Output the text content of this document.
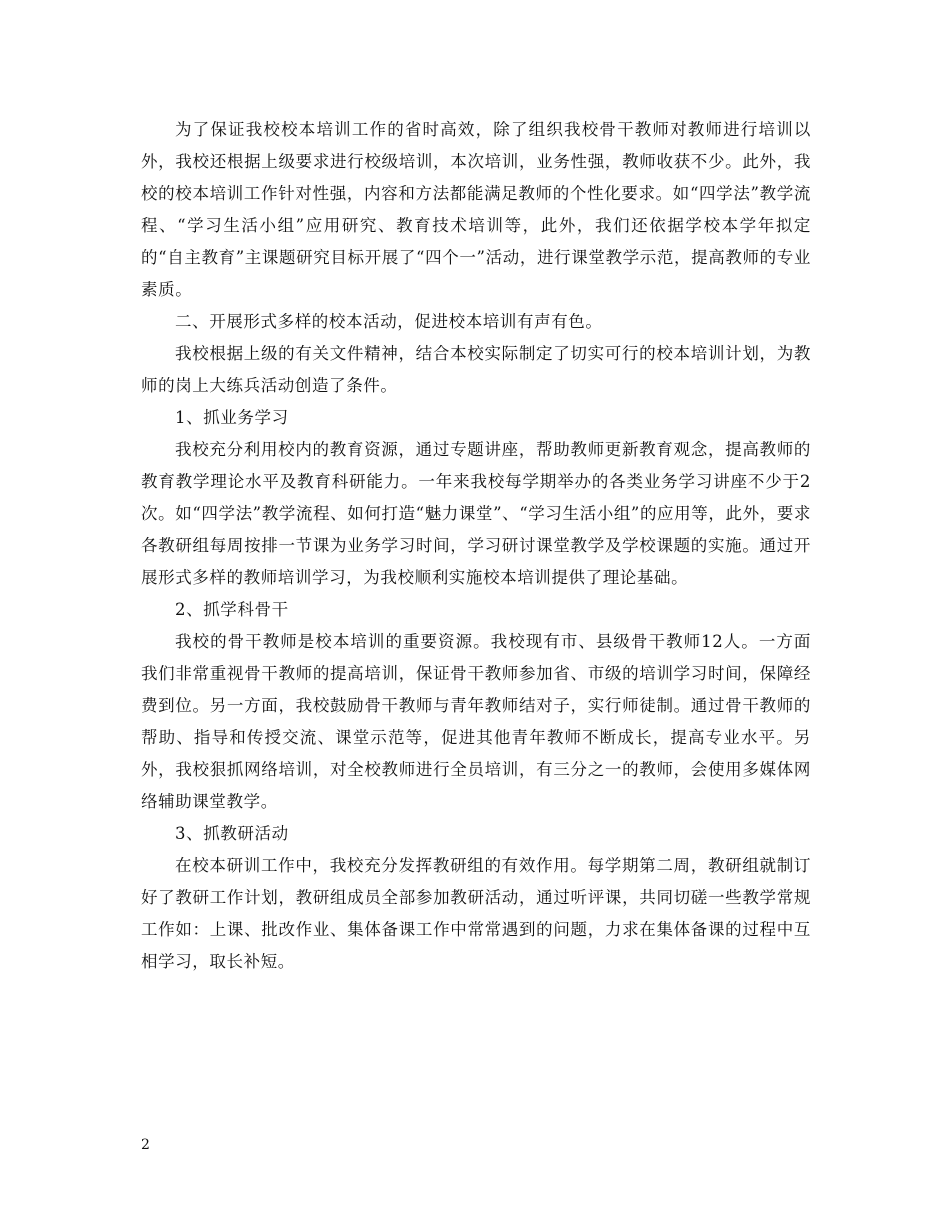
为了保证我校校本培训工作的省时高效，除了组织我校骨干教师对教师进行培训以外，我校还根据上级要求进行校级培训，本次培训，业务性强，教师收获不少。此外，我校的校本培训工作针对性强，内容和方法都能满足教师的个性化要求。如“四学法”教学流程、“学习生活小组”应用研究、教育技术培训等，此外，我们还依据学校本学年拟定的“自主教育”主课题研究目标开展了“四个一”活动，进行课堂教学示范，提高教师的专业素质。

二、开展形式多样的校本活动，促进校本培训有声有色。

我校根据上级的有关文件精神，结合本校实际制定了切实可行的校本培训计划，为教师的岗上大练兵活动创造了条件。

1、抓业务学习

我校充分利用校内的教育资源，通过专题讲座，帮助教师更新教育观念，提高教师的教育教学理论水平及教育科研能力。一年来我校每学期举办的各类业务学习讲座不少于2次。如“四学法”教学流程、如何打造“魅力课堂”、“学习生活小组”的应用等，此外，要求各教研组每周按排一节课为业务学习时间，学习研讨课堂教学及学校课题的实施。通过开展形式多样的教师培训学习，为我校顺利实施校本培训提供了理论基础。

2、抓学科骨干

我校的骨干教师是校本培训的重要资源。我校现有市、县级骨干教师12人。一方面我们非常重视骨干教师的提高培训，保证骨干教师参加省、市级的培训学习时间，保障经费到位。另一方面，我校鼓励骨干教师与青年教师结对子，实行师徒制。通过骨干教师的帮助、指导和传授交流、课堂示范等，促进其他青年教师不断成长，提高专业水平。另外，我校狠抓网络培训，对全校教师进行全员培训，有三分之一的教师，会使用多媒体网络辅助课堂教学。

3、抓教研活动

在校本研训工作中，我校充分发挥教研组的有效作用。每学期第二周，教研组就制订好了教研工作计划，教研组成员全部参加教研活动，通过听评课，共同切磋一些教学常规工作如：上课、批改作业、集体备课工作中常常遇到的问题，力求在集体备课的过程中互相学习，取长补短。

2
